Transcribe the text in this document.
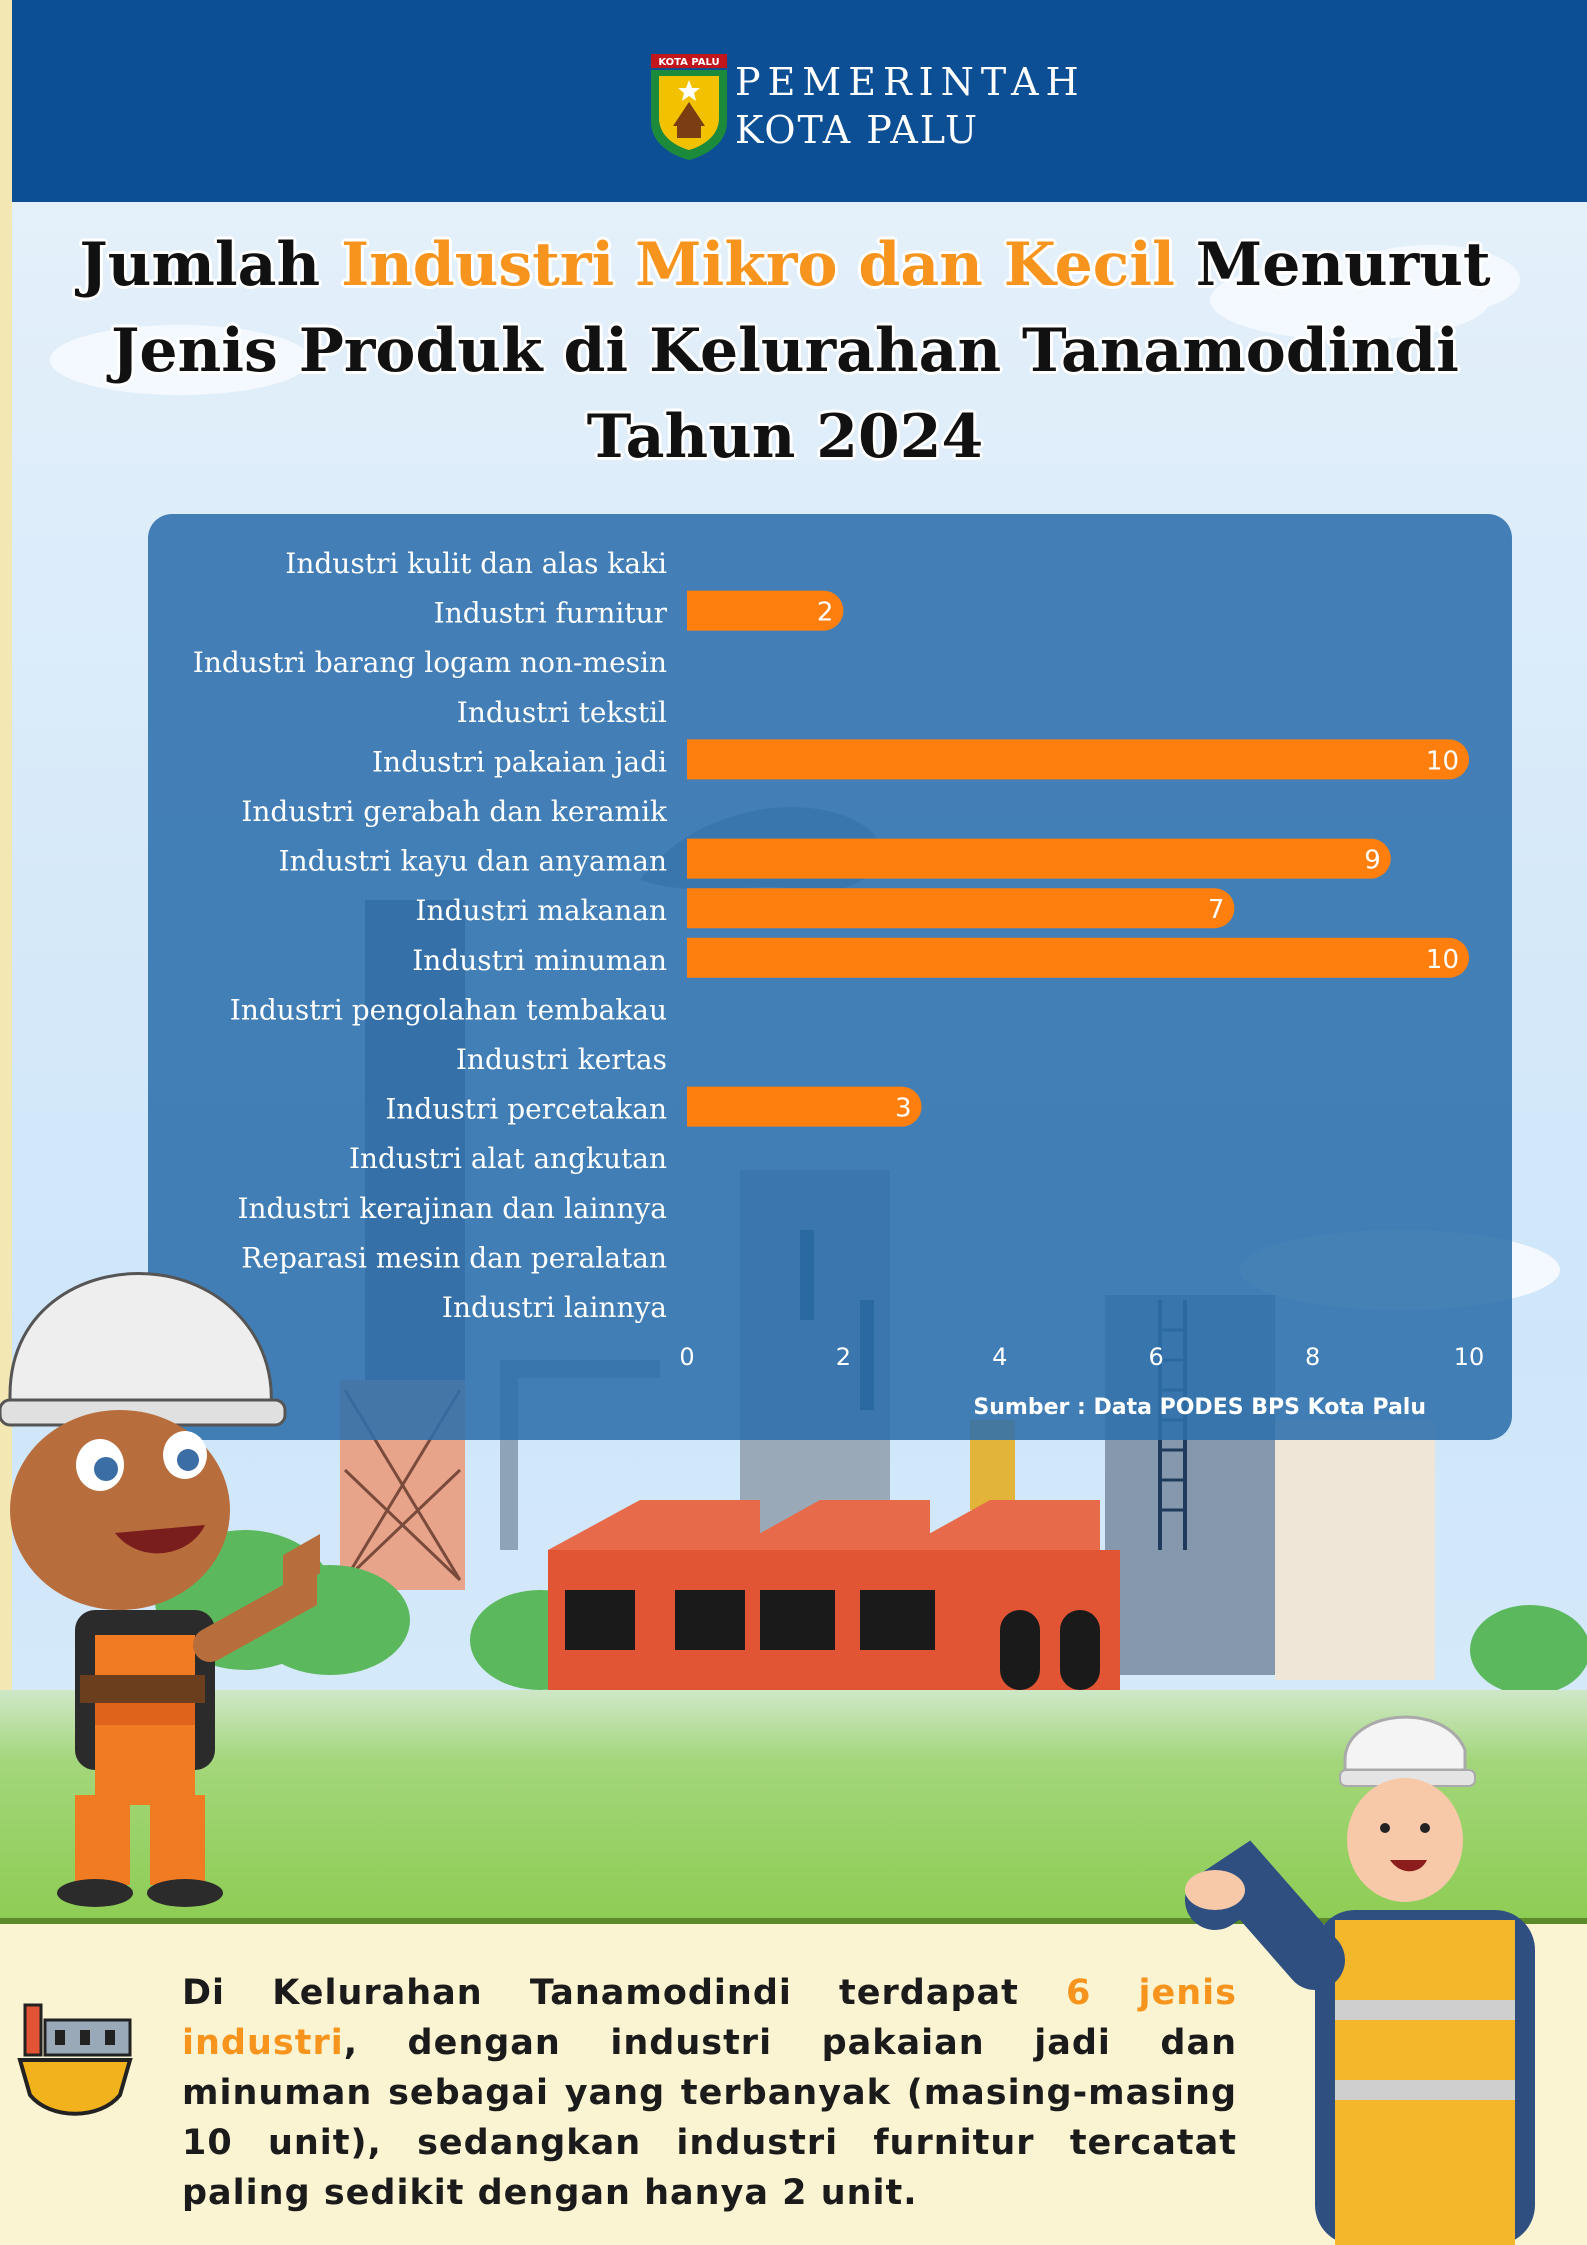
KOTA PALU PEMERINTAH
KOTA PALU
Jumlah Industri Mikro dan Kecil Menurut
Jenis Produk di Kelurahan Tanamodindi
Tahun 2024
Industri kulit dan alas kaki
Industri furnitur	2
Industri barang logam non-mesin
Industri tekstil
Industri pakaian jadi	10
Industri gerabah dan keramik
Industri kayu dan anyaman	9
Industri makanan	7
Industri minuman	10
Industri pengolahan tembakau
Industri kertas
Industri percetakan	3
Industri alat angkutan
Industri kerajinan dan lainnya
Reparasi mesin dan peralatan
Industri lainnya
0	2	4	6	8	10
Sumber : Data PODES BPS Kota Palu
Di Kelurahan Tanamodindi terdapat 6 jenis industri, dengan industri pakaian jadi dan minuman sebagai yang terbanyak (masing-masing 10 unit), sedangkan industri furnitur tercatat paling sedikit dengan hanya 2 unit.
